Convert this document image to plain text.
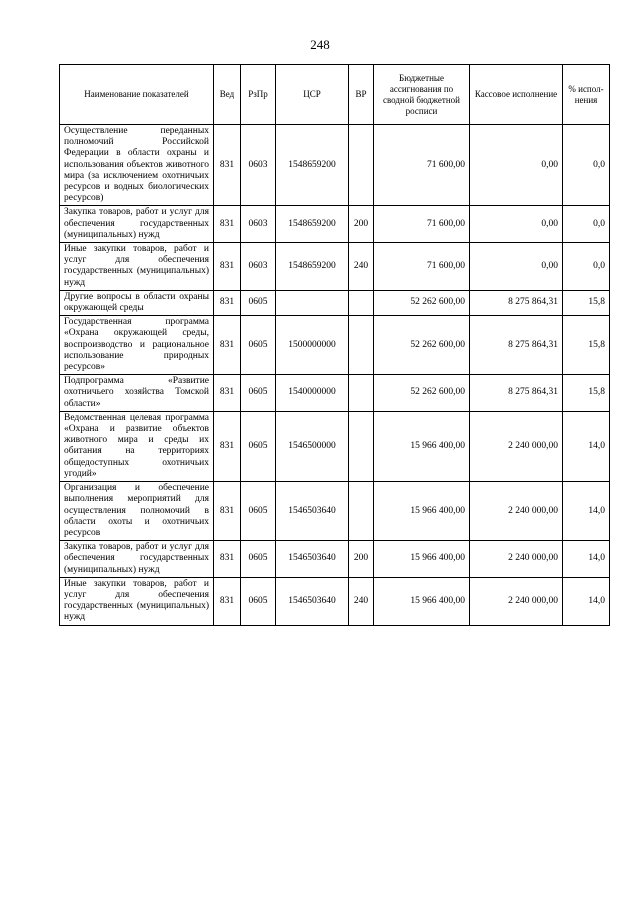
248
Наименование показателей	Вед	РзПр	ЦСР	ВР	Бюджетные ассигнования по сводной бюджетной росписи	Кассовое исполнение	% испол-нения
Осуществление переданных полномочий Российской Федерации в области охраны и использования объектов животного мира (за исключением охотничьих ресурсов и водных биологических ресурсов)	831	0603	1548659200		71 600,00	0,00	0,0
Закупка товаров, работ и услуг для обеспечения государственных (муниципальных) нужд	831	0603	1548659200	200	71 600,00	0,00	0,0
Иные закупки товаров, работ и услуг для обеспечения государственных (муниципальных) нужд	831	0603	1548659200	240	71 600,00	0,00	0,0
Другие вопросы в области охраны окружающей среды	831	0605			52 262 600,00	8 275 864,31	15,8
Государственная программа «Охрана окружающей среды, воспроизводство и рациональное использование природных ресурсов»	831	0605	1500000000		52 262 600,00	8 275 864,31	15,8
Подпрограмма «Развитие охотничьего хозяйства Томской области»	831	0605	1540000000		52 262 600,00	8 275 864,31	15,8
Ведомственная целевая программа «Охрана и развитие объектов животного мира и среды их обитания на территориях общедоступных охотничьих угодий»	831	0605	1546500000		15 966 400,00	2 240 000,00	14,0
Организация и обеспечение выполнения мероприятий для осуществления полномочий в области охоты и охотничьих ресурсов	831	0605	1546503640		15 966 400,00	2 240 000,00	14,0
Закупка товаров, работ и услуг для обеспечения государственных (муниципальных) нужд	831	0605	1546503640	200	15 966 400,00	2 240 000,00	14,0
Иные закупки товаров, работ и услуг для обеспечения государственных (муниципальных) нужд	831	0605	1546503640	240	15 966 400,00	2 240 000,00	14,0
